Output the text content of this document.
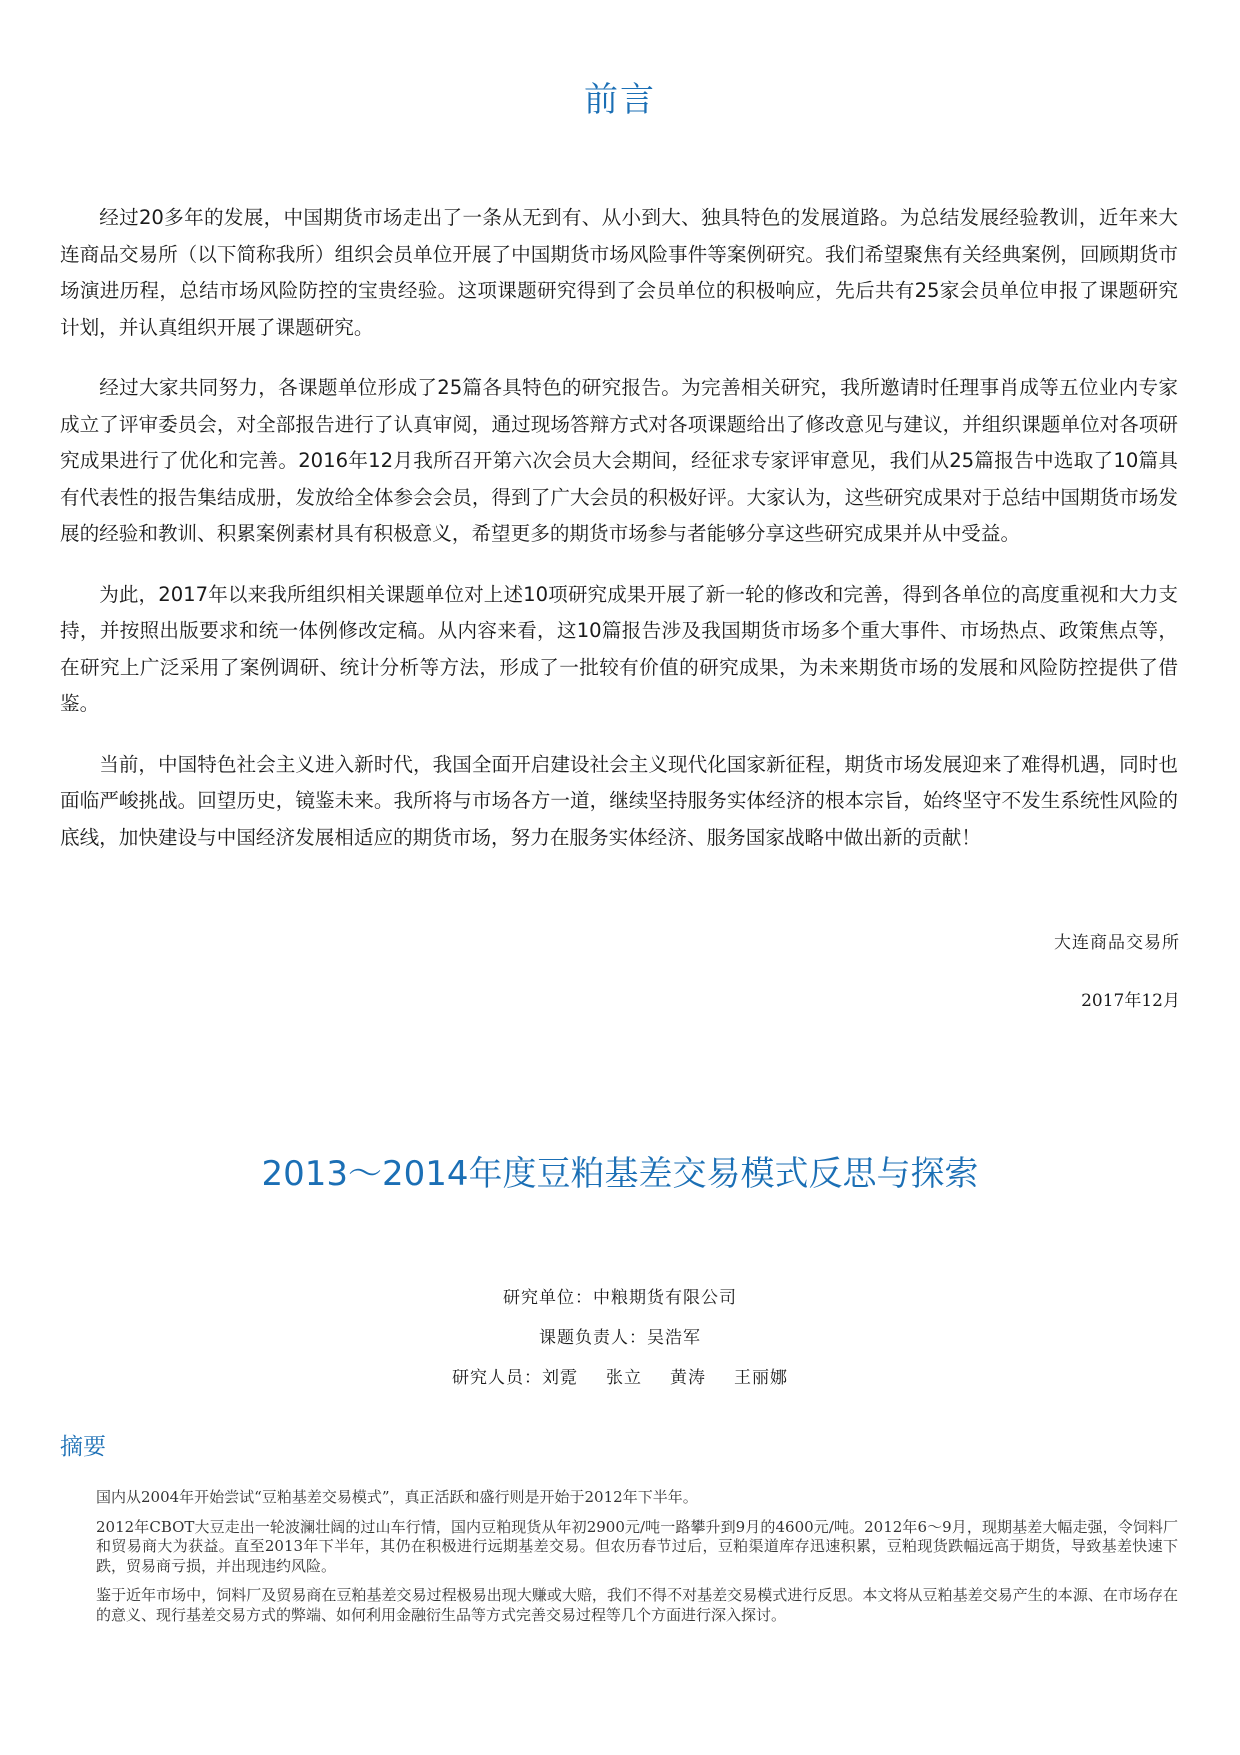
前言

经过20多年的发展，中国期货市场走出了一条从无到有、从小到大、独具特色的发展道路。为总结发展经验教训，近年来大连商品交易所（以下简称我所）组织会员单位开展了中国期货市场风险事件等案例研究。我们希望聚焦有关经典案例，回顾期货市场演进历程，总结市场风险防控的宝贵经验。这项课题研究得到了会员单位的积极响应，先后共有25家会员单位申报了课题研究计划，并认真组织开展了课题研究。

经过大家共同努力，各课题单位形成了25篇各具特色的研究报告。为完善相关研究，我所邀请时任理事肖成等五位业内专家成立了评审委员会，对全部报告进行了认真审阅，通过现场答辩方式对各项课题给出了修改意见与建议，并组织课题单位对各项研究成果进行了优化和完善。2016年12月我所召开第六次会员大会期间，经征求专家评审意见，我们从25篇报告中选取了10篇具有代表性的报告集结成册，发放给全体参会会员，得到了广大会员的积极好评。大家认为，这些研究成果对于总结中国期货市场发展的经验和教训、积累案例素材具有积极意义，希望更多的期货市场参与者能够分享这些研究成果并从中受益。

为此，2017年以来我所组织相关课题单位对上述10项研究成果开展了新一轮的修改和完善，得到各单位的高度重视和大力支持，并按照出版要求和统一体例修改定稿。从内容来看，这10篇报告涉及我国期货市场多个重大事件、市场热点、政策焦点等，在研究上广泛采用了案例调研、统计分析等方法，形成了一批较有价值的研究成果，为未来期货市场的发展和风险防控提供了借鉴。

当前，中国特色社会主义进入新时代，我国全面开启建设社会主义现代化国家新征程，期货市场发展迎来了难得机遇，同时也面临严峻挑战。回望历史，镜鉴未来。我所将与市场各方一道，继续坚持服务实体经济的根本宗旨，始终坚守不发生系统性风险的底线，加快建设与中国经济发展相适应的期货市场，努力在服务实体经济、服务国家战略中做出新的贡献！

大连商品交易所
2017年12月
2013～2014年度豆粕基差交易模式反思与探索
研究单位：中粮期货有限公司
课题负责人：吴浩军
研究人员：刘霓 张立 黄涛 王丽娜
摘要

国内从2004年开始尝试“豆粕基差交易模式”，真正活跃和盛行则是开始于2012年下半年。

2012年CBOT大豆走出一轮波澜壮阔的过山车行情，国内豆粕现货从年初2900元/吨一路攀升到9月的4600元/吨。2012年6～9月，现期基差大幅走强，令饲料厂和贸易商大为获益。直至2013年下半年，其仍在积极进行远期基差交易。但农历春节过后，豆粕渠道库存迅速积累，豆粕现货跌幅远高于期货，导致基差快速下跌，贸易商亏损，并出现违约风险。

鉴于近年市场中，饲料厂及贸易商在豆粕基差交易过程极易出现大赚或大赔，我们不得不对基差交易模式进行反思。本文将从豆粕基差交易产生的本源、在市场存在的意义、现行基差交易方式的弊端、如何利用金融衍生品等方式完善交易过程等几个方面进行深入探讨。
